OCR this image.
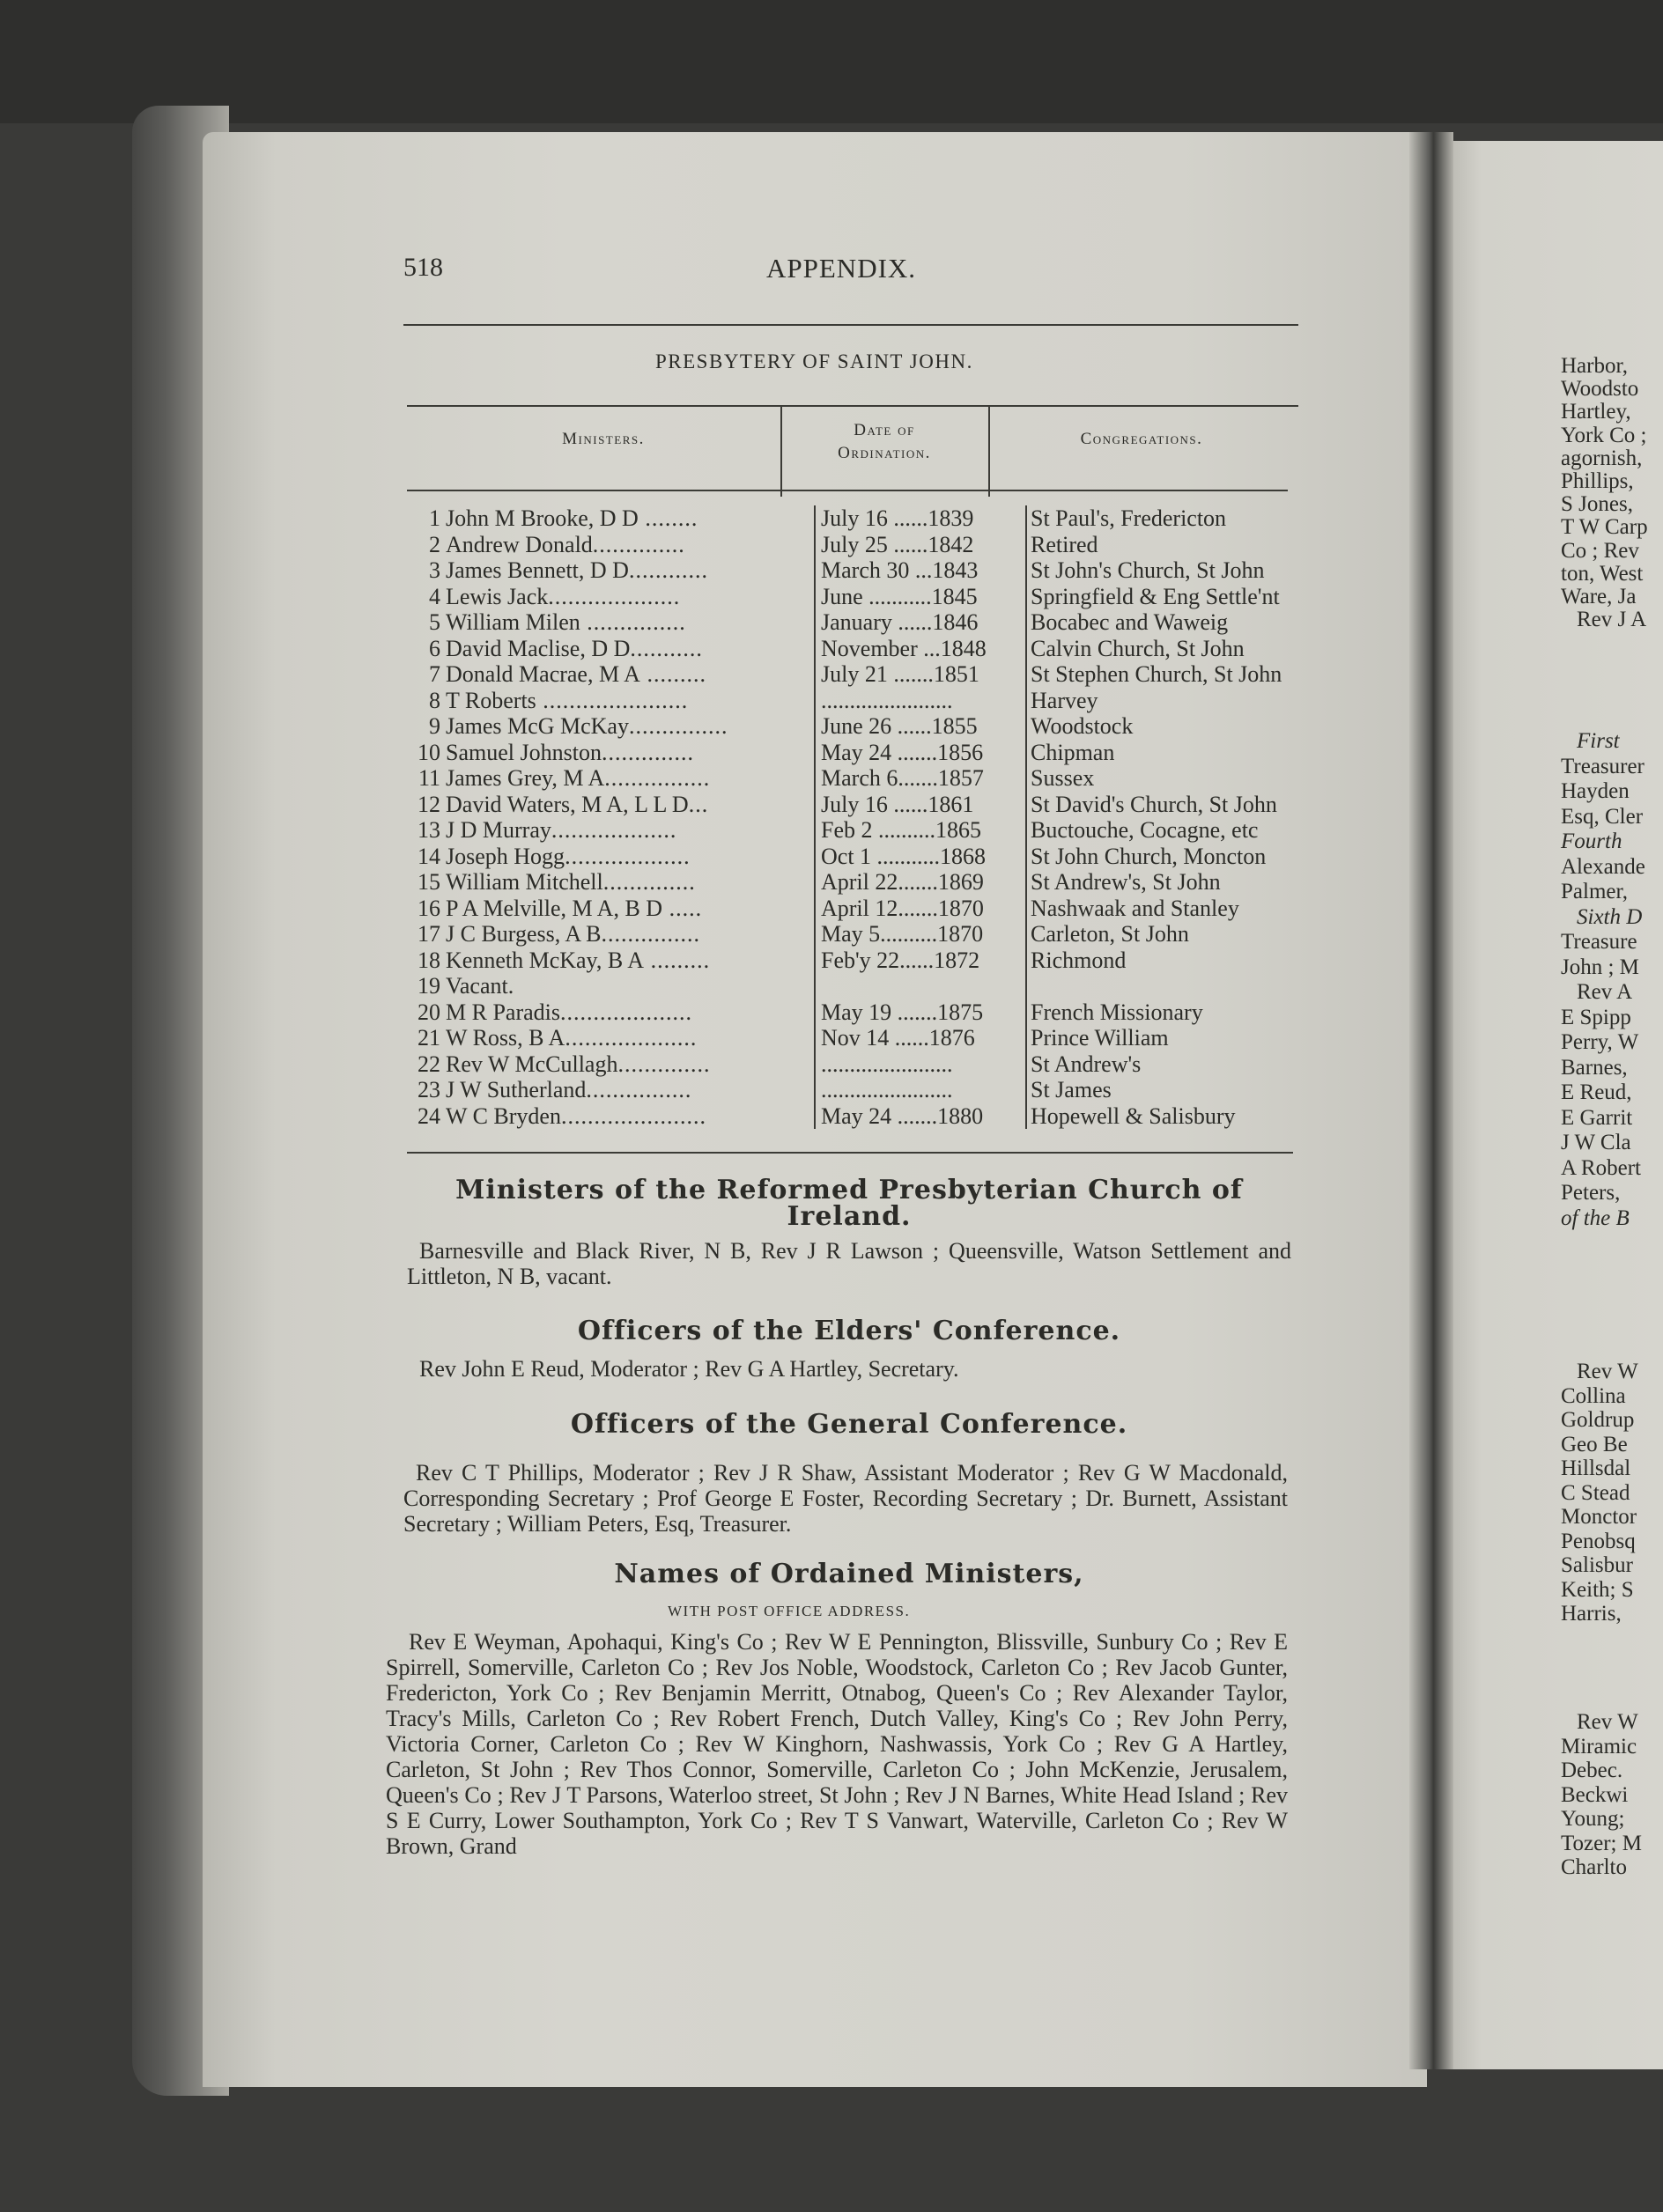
518	APPENDIX.
PRESBYTERY OF SAINT JOHN.
Ministers.	Date of
Ordination.
Congregations.
1	John M Brooke, D D ........	July 16 ......1839	St Paul's, Fredericton
2	Andrew Donald..............	July 25 ......1842	Retired
3	James Bennett, D D............	March 30 ...1843	St John's Church, St John
4	Lewis Jack....................	June ...........1845	Springfield & Eng Settle'nt
5	William Milen ...............	January ......1846	Bocabec and Waweig
6	David Maclise, D D...........	November ...1848	Calvin Church, St John
7	Donald Macrae, M A .........	July 21 .......1851	St Stephen Church, St John
8	T Roberts ......................	.......................	Harvey
9	James McG McKay...............	June 26 ......1855	Woodstock
10	Samuel Johnston..............	May 24 .......1856	Chipman
11	James Grey, M A................	March 6.......1857	Sussex
12	David Waters, M A, L L D...	July 16 ......1861	St David's Church, St John
13	J D Murray...................	Feb 2 ..........1865	Buctouche, Cocagne, etc
14	Joseph Hogg...................	Oct 1 ...........1868	St John Church, Moncton
15	William Mitchell..............	April 22.......1869	St Andrew's, St John
16	P A Melville, M A, B D .....	April 12.......1870	Nashwaak and Stanley
17	J C Burgess, A B...............	May 5..........1870	Carleton, St John
18	Kenneth McKay, B A .........	Feb'y 22......1872	Richmond
19	Vacant.		
20	M R Paradis....................	May 19 .......1875	French Missionary
21	W Ross, B A....................	Nov 14 ......1876	Prince William
22	Rev W McCullagh..............	.......................	St Andrew's
23	J W Sutherland................	.......................	St James
24	W C Bryden......................	May 24 .......1880	Hopewell & Salisbury
Ministers of the Reformed Presbyterian Church of
Ireland.
Barnesville and Black River, N B, Rev J R Lawson ; Queensville, Watson Settlement and Littleton, N B, vacant.
Officers of the Elders' Conference.
Rev John E Reud, Moderator ; Rev G A Hartley, Secretary.
Officers of the General Conference.
Rev C T Phillips, Moderator ; Rev J R Shaw, Assistant Moderator ; Rev G W Macdonald, Corresponding Secretary ; Prof George E Foster, Recording Secretary ; Dr. Burnett, Assistant Secretary ; William Peters, Esq, Treasurer.
Names of Ordained Ministers,
WITH POST OFFICE ADDRESS.
Rev E Weyman, Apohaqui, King's Co ; Rev W E Pennington, Blissville, Sunbury Co ; Rev E Spirrell, Somerville, Carleton Co ; Rev Jos Noble, Woodstock, Carleton Co ; Rev Jacob Gunter, Fredericton, York Co ; Rev Benjamin Merritt, Otnabog, Queen's Co ; Rev Alexander Taylor, Tracy's Mills, Carleton Co ; Rev Robert French, Dutch Valley, King's Co ; Rev John Perry, Victoria Corner, Carleton Co ; Rev W Kinghorn, Nashwassis, York Co ; Rev G A Hartley, Carleton, St John ; Rev Thos Connor, Somerville, Carleton Co ; John McKenzie, Jerusalem, Queen's Co ; Rev J T Parsons, Waterloo street, St John ; Rev J N Barnes, White Head Island ; Rev S E Curry, Lower Southampton, York Co ; Rev T S Vanwart, Waterville, Carleton Co ; Rev W Brown, Grand
Harbor,
Woodsto
Hartley,
York Co ;
agornish,
Phillips,
S Jones,
T W Carp
Co ; Rev
ton, West
Ware, Ja
Rev J A
First
Treasurer
Hayden
Esq, Cler
Fourth
Alexande
Palmer,
Sixth D
Treasure
John ; M
Rev A
E Spipp
Perry, W
Barnes,
E Reud,
E Garrit
J W Cla
A Robert
Peters,
of the B
Rev W
Collina
Goldrup
Geo Be
Hillsdal
C Stead
Monctor
Penobsq
Salisbur
Keith; S
Harris,
Rev W
Miramic
Debec.
Beckwi
Young;
Tozer; M
Charlto
